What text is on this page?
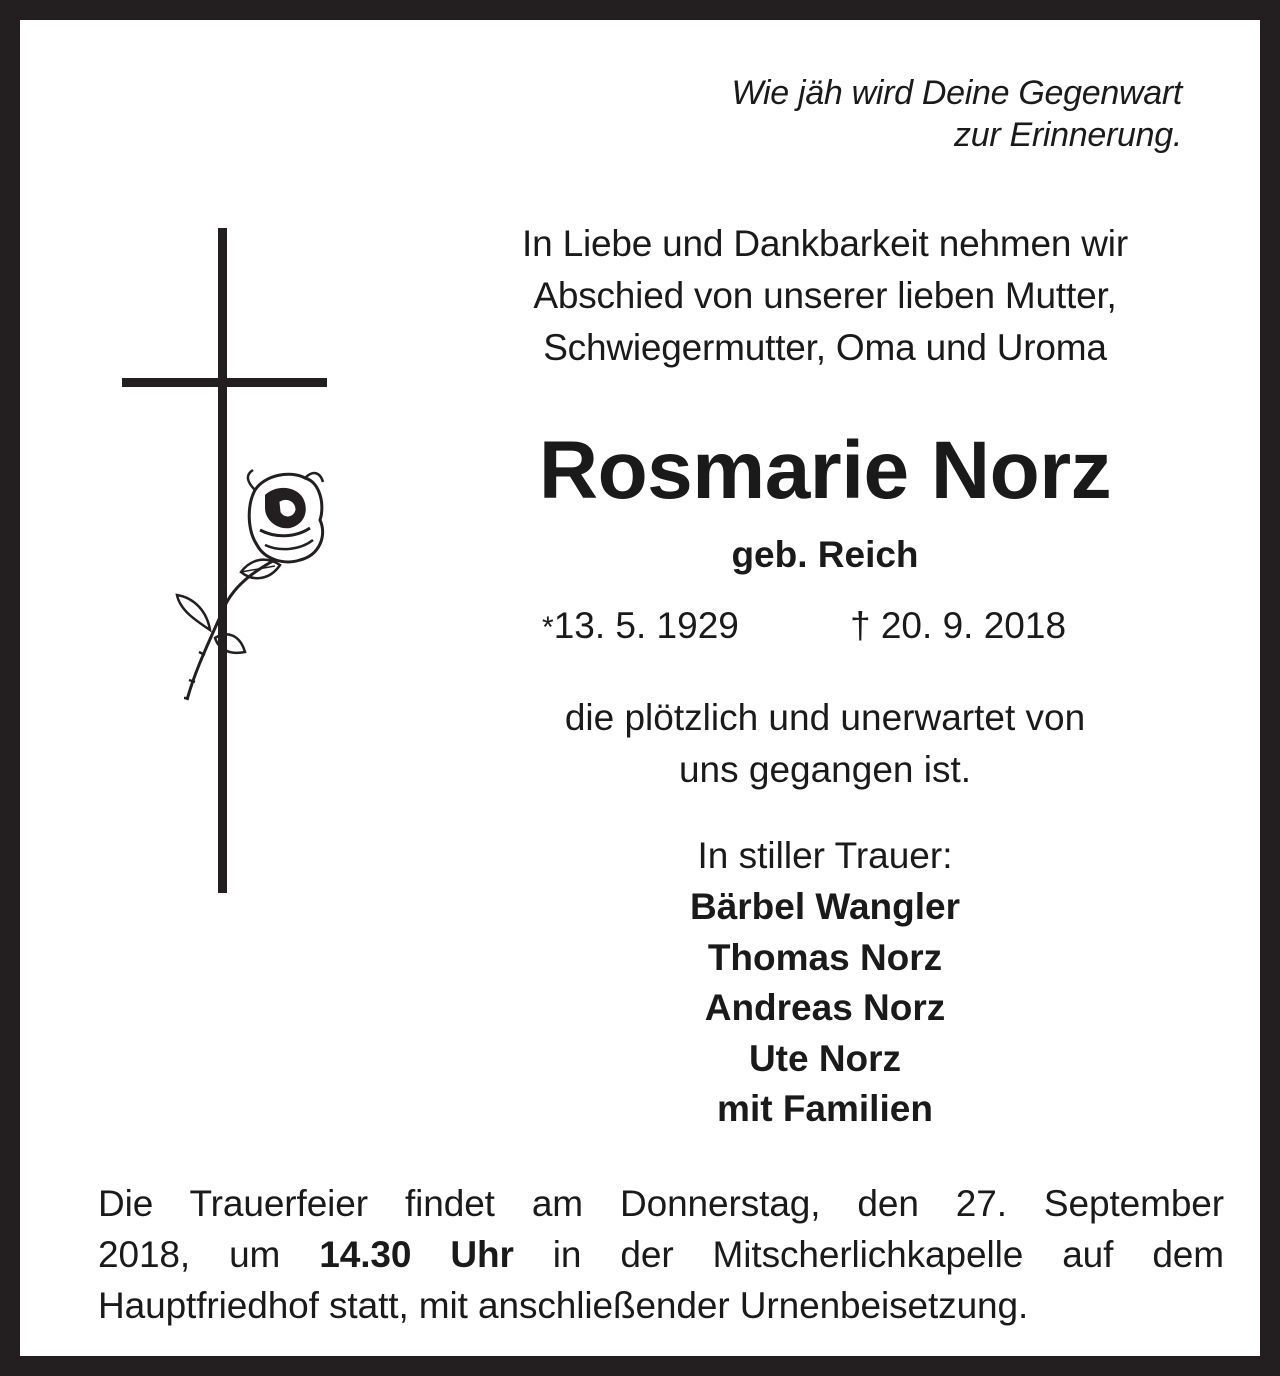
Wie jäh wird Deine Gegenwart
zur Erinnerung.
In Liebe und Dankbarkeit nehmen wir
Abschied von unserer lieben Mutter,
Schwiegermutter, Oma und Uroma
Rosmarie Norz
geb. Reich
*13. 5. 1929	† 20. 9. 2018
die plötzlich und unerwartet von
uns gegangen ist.
In stiller Trauer:
Bärbel Wangler
Thomas Norz
Andreas Norz
Ute Norz
mit Familien
Die Trauerfeier findet am Donnerstag, den 27. September
2018, um 14.30 Uhr in der Mitscherlichkapelle auf dem
Hauptfriedhof statt, mit anschließender Urnenbeisetzung.
